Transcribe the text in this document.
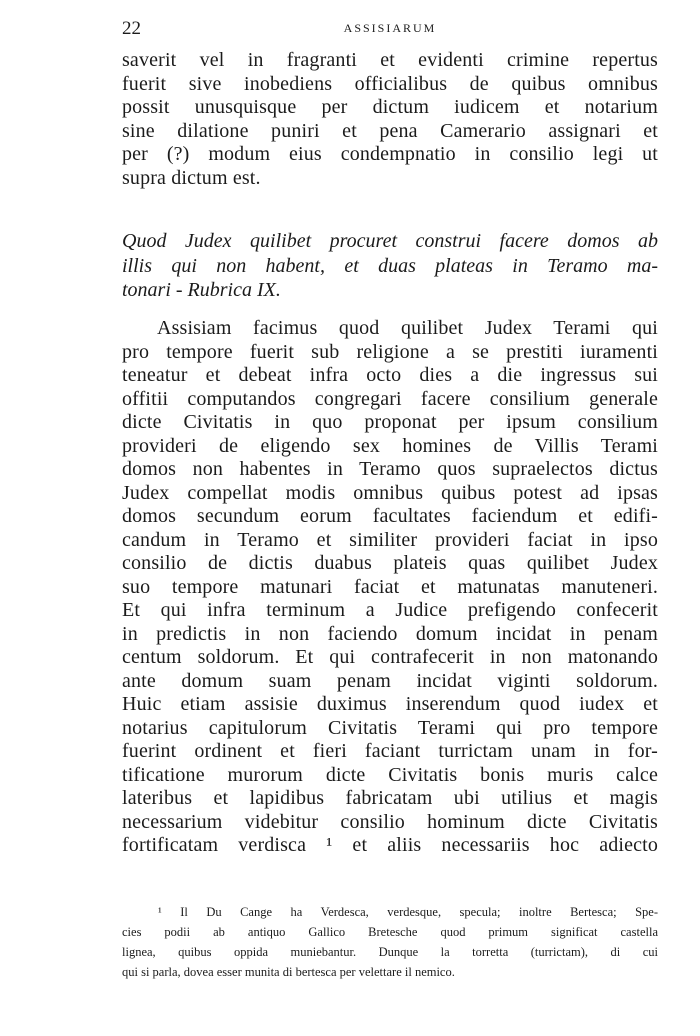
22	ASSISIARUM
saverit vel in fragranti et evidenti crimine repertus
fuerit sive inobediens officialibus de quibus omnibus
possit unusquisque per dictum iudicem et notarium
sine dilatione puniri et pena Camerario assignari et
per (?) modum eius condempnatio in consilio legi ut
supra dictum est.
Quod Judex quilibet procuret construi facere domos ab
illis qui non habent, et duas plateas in Teramo ma-
tonari - Rubrica IX.
Assisiam facimus quod quilibet Judex Terami qui
pro tempore fuerit sub religione a se prestiti iuramenti
teneatur et debeat infra octo dies a die ingressus sui
offitii computandos congregari facere consilium generale
dicte Civitatis in quo proponat per ipsum consilium
provideri de eligendo sex homines de Villis Terami
domos non habentes in Teramo quos supraelectos dictus
Judex compellat modis omnibus quibus potest ad ipsas
domos secundum eorum facultates faciendum et edifi-
candum in Teramo et similiter provideri faciat in ipso
consilio de dictis duabus plateis quas quilibet Judex
suo tempore matunari faciat et matunatas manuteneri.
Et qui infra terminum a Judice prefigendo confecerit
in predictis in non faciendo domum incidat in penam
centum soldorum. Et qui contrafecerit in non matonando
ante domum suam penam incidat viginti soldorum.
Huic etiam assisie duximus inserendum quod iudex et
notarius capitulorum Civitatis Terami qui pro tempore
fuerint ordinent et fieri faciant turrictam unam in for-
tificatione murorum dicte Civitatis bonis muris calce
lateribus et lapidibus fabricatam ubi utilius et magis
necessarium videbitur consilio hominum dicte Civitatis
fortificatam verdisca ¹ et aliis necessariis hoc adiecto
¹ Il Du Cange ha Verdesca, verdesque, specula; inoltre Bertesca; Spe-
cies podii ab antiquo Gallico Bretesche quod primum significat castella
lignea, quibus oppida muniebantur. Dunque la torretta (turrictam), di cui
qui si parla, dovea esser munita di bertesca per velettare il nemico.
